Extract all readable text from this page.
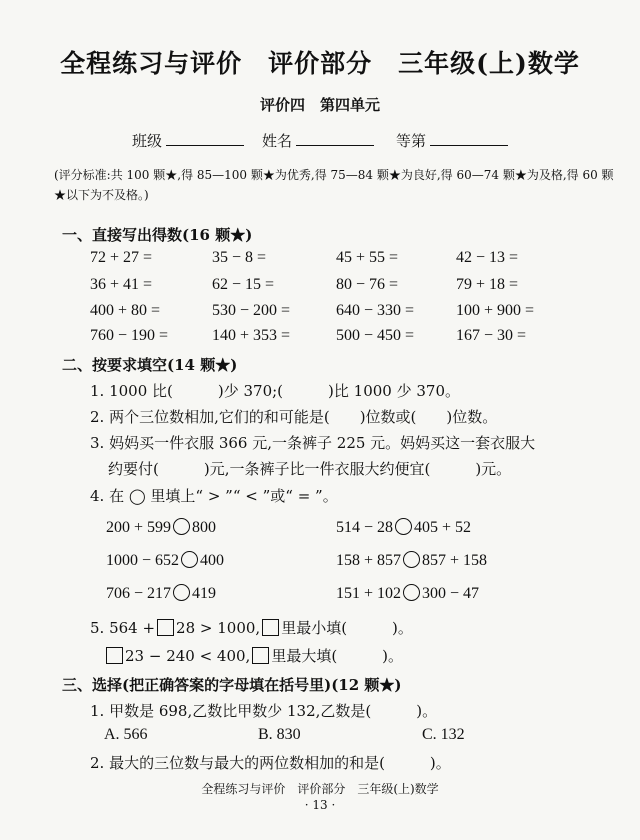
全程练习与评价　评价部分　三年级(上)数学
评价四　第四单元
班级	姓名	等第
(评分标准:共 100 颗★,得 85—100 颗★为优秀,得 75—84 颗★为良好,得 60—74 颗★为及格,得 60 颗★以下为不及格。)
一、直接写出得数(16 颗★)
72 + 27 =	35 − 8 =	45 + 55 =	42 − 13 =
36 + 41 =	62 − 15 =	80 − 76 =	79 + 18 =
400 + 80 =	530 − 200 =	640 − 330 =	100 + 900 =
760 − 190 =	140 + 353 =	500 − 450 =	167 − 30 =
二、按要求填空(14 颗★)
1. 1000 比(　　　)少 370;(　　　)比 1000 少 370。
2. 两个三位数相加,它们的和可能是(　　)位数或(　　)位数。
3. 妈妈买一件衣服 366 元,一条裤子 225 元。妈妈买这一套衣服大
约要付(　　　)元,一条裤子比一件衣服大约便宜(　　　)元。
4. 在 ◯ 里填上“ > ”“ < ”或“ = ”。
200 + 599 800	514 − 28 405 + 52
1000 − 652 400	158 + 857 857 + 158
706 − 217 419	151 + 102 300 − 47
5. 564 + 28 > 1000, 里最小填(　　　)。
23 − 240 < 400, 里最大填(　　　)。
三、选择(把正确答案的字母填在括号里)(12 颗★)
1. 甲数是 698,乙数比甲数少 132,乙数是(　　　)。
A. 566	B. 830	C. 132
2. 最大的三位数与最大的两位数相加的和是(　　　)。
全程练习与评价　评价部分　三年级(上)数学
· 13 ·
